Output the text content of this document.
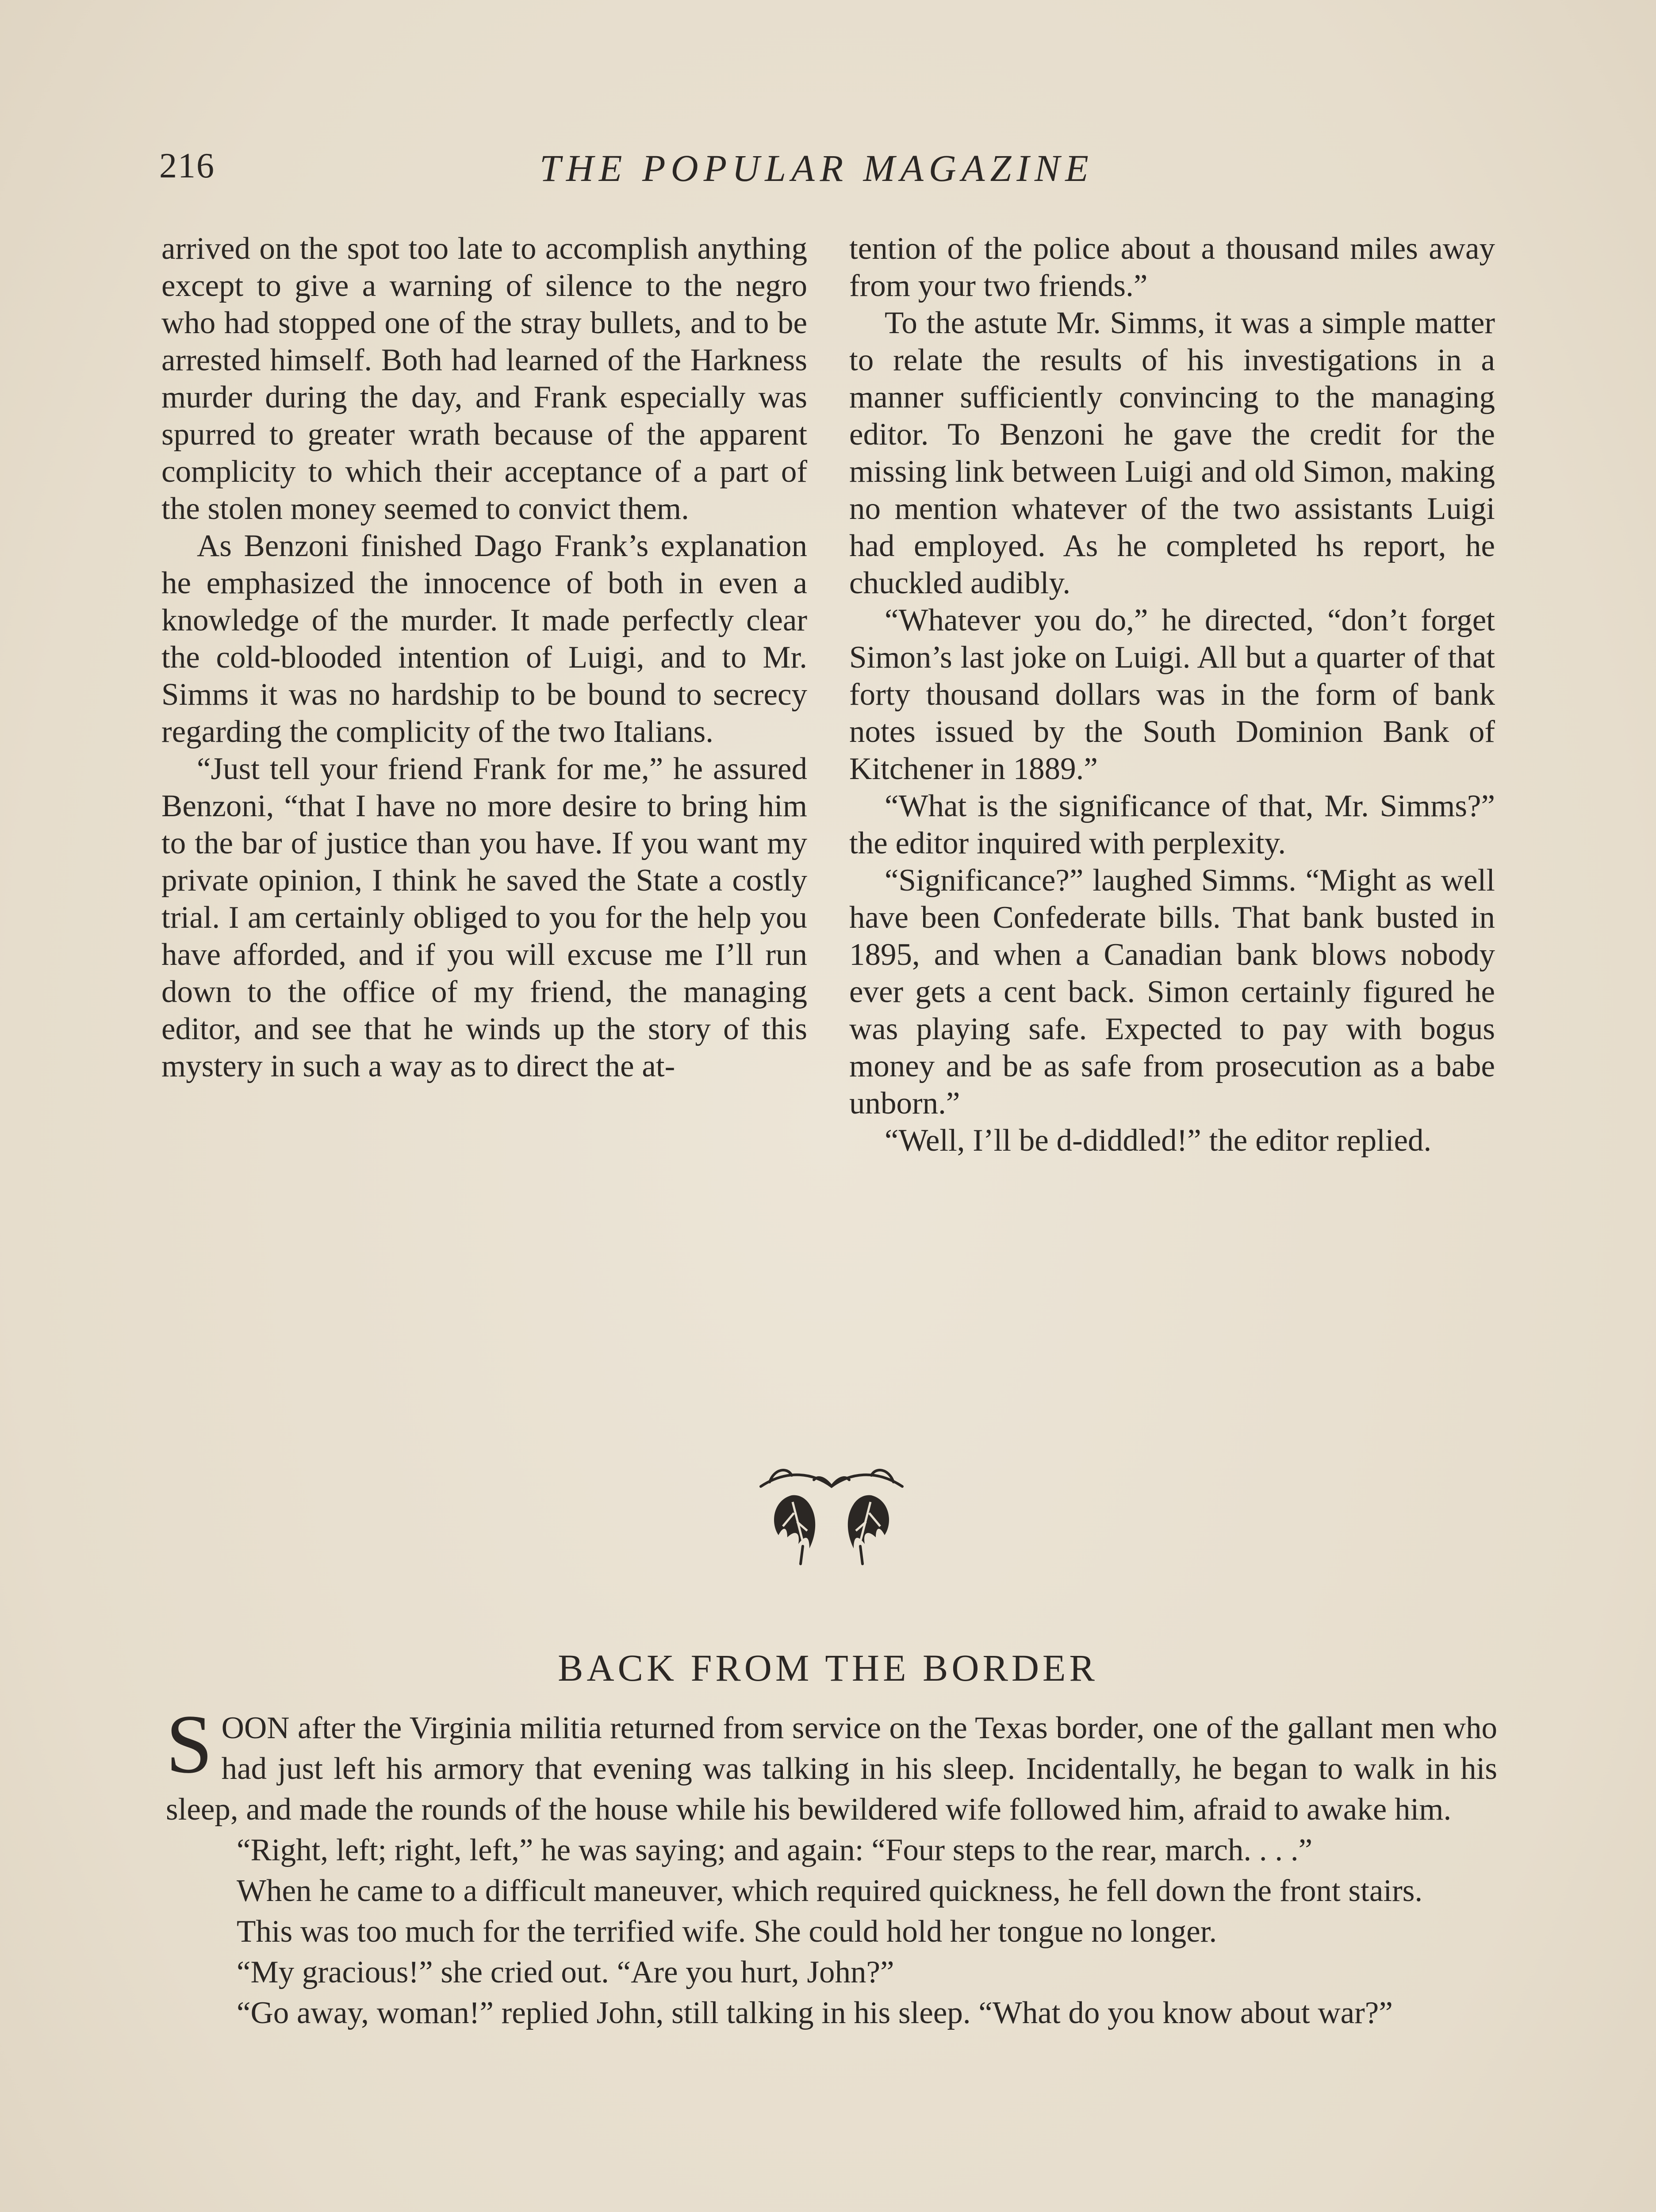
216	THE POPULAR MAGAZINE

arrived on the spot too late to accomplish anything except to give a warning of silence to the negro who had stopped one of the stray bullets, and to be arrested himself. Both had learned of the Harkness murder during the day, and Frank especially was spurred to greater wrath because of the apparent complicity to which their acceptance of a part of the stolen money seemed to convict them.

As Benzoni finished Dago Frank’s explanation he emphasized the innocence of both in even a knowledge of the murder. It made perfectly clear the cold-blooded intention of Luigi, and to Mr. Simms it was no hardship to be bound to secrecy regarding the complicity of the two Italians.

“Just tell your friend Frank for me,” he assured Benzoni, “that I have no more desire to bring him to the bar of justice than you have. If you want my private opinion, I think he saved the State a costly trial. I am certainly obliged to you for the help you have afforded, and if you will excuse me I’ll run down to the office of my friend, the managing editor, and see that he winds up the story of this mystery in such a way as to direct the at-

tention of the police about a thousand miles away from your two friends.”

To the astute Mr. Simms, it was a simple matter to relate the results of his investigations in a manner sufficiently convincing to the managing editor. To Benzoni he gave the credit for the missing link between Luigi and old Simon, making no mention whatever of the two assistants Luigi had employed. As he completed hs report, he chuckled audibly.

“Whatever you do,” he directed, “don’t forget Simon’s last joke on Luigi. All but a quarter of that forty thousand dollars was in the form of bank notes issued by the South Dominion Bank of Kitchener in 1889.”

“What is the significance of that, Mr. Simms?” the editor inquired with perplexity.

“Significance?” laughed Simms. “Might as well have been Confederate bills. That bank busted in 1895, and when a Canadian bank blows nobody ever gets a cent back. Simon certainly figured he was playing safe. Expected to pay with bogus money and be as safe from prosecution as a babe unborn.”

“Well, I’ll be d-diddled!” the editor replied.

BACK FROM THE BORDER

SOON after the Virginia militia returned from service on the Texas border, one of the gallant men who had just left his armory that evening was talking in his sleep. Incidentally, he began to walk in his sleep, and made the rounds of the house while his bewildered wife followed him, afraid to awake him.

“Right, left; right, left,” he was saying; and again: “Four steps to the rear, march. . . .”

When he came to a difficult maneuver, which required quickness, he fell down the front stairs.

This was too much for the terrified wife. She could hold her tongue no longer.

“My gracious!” she cried out. “Are you hurt, John?”

“Go away, woman!” replied John, still talking in his sleep. “What do you know about war?”
